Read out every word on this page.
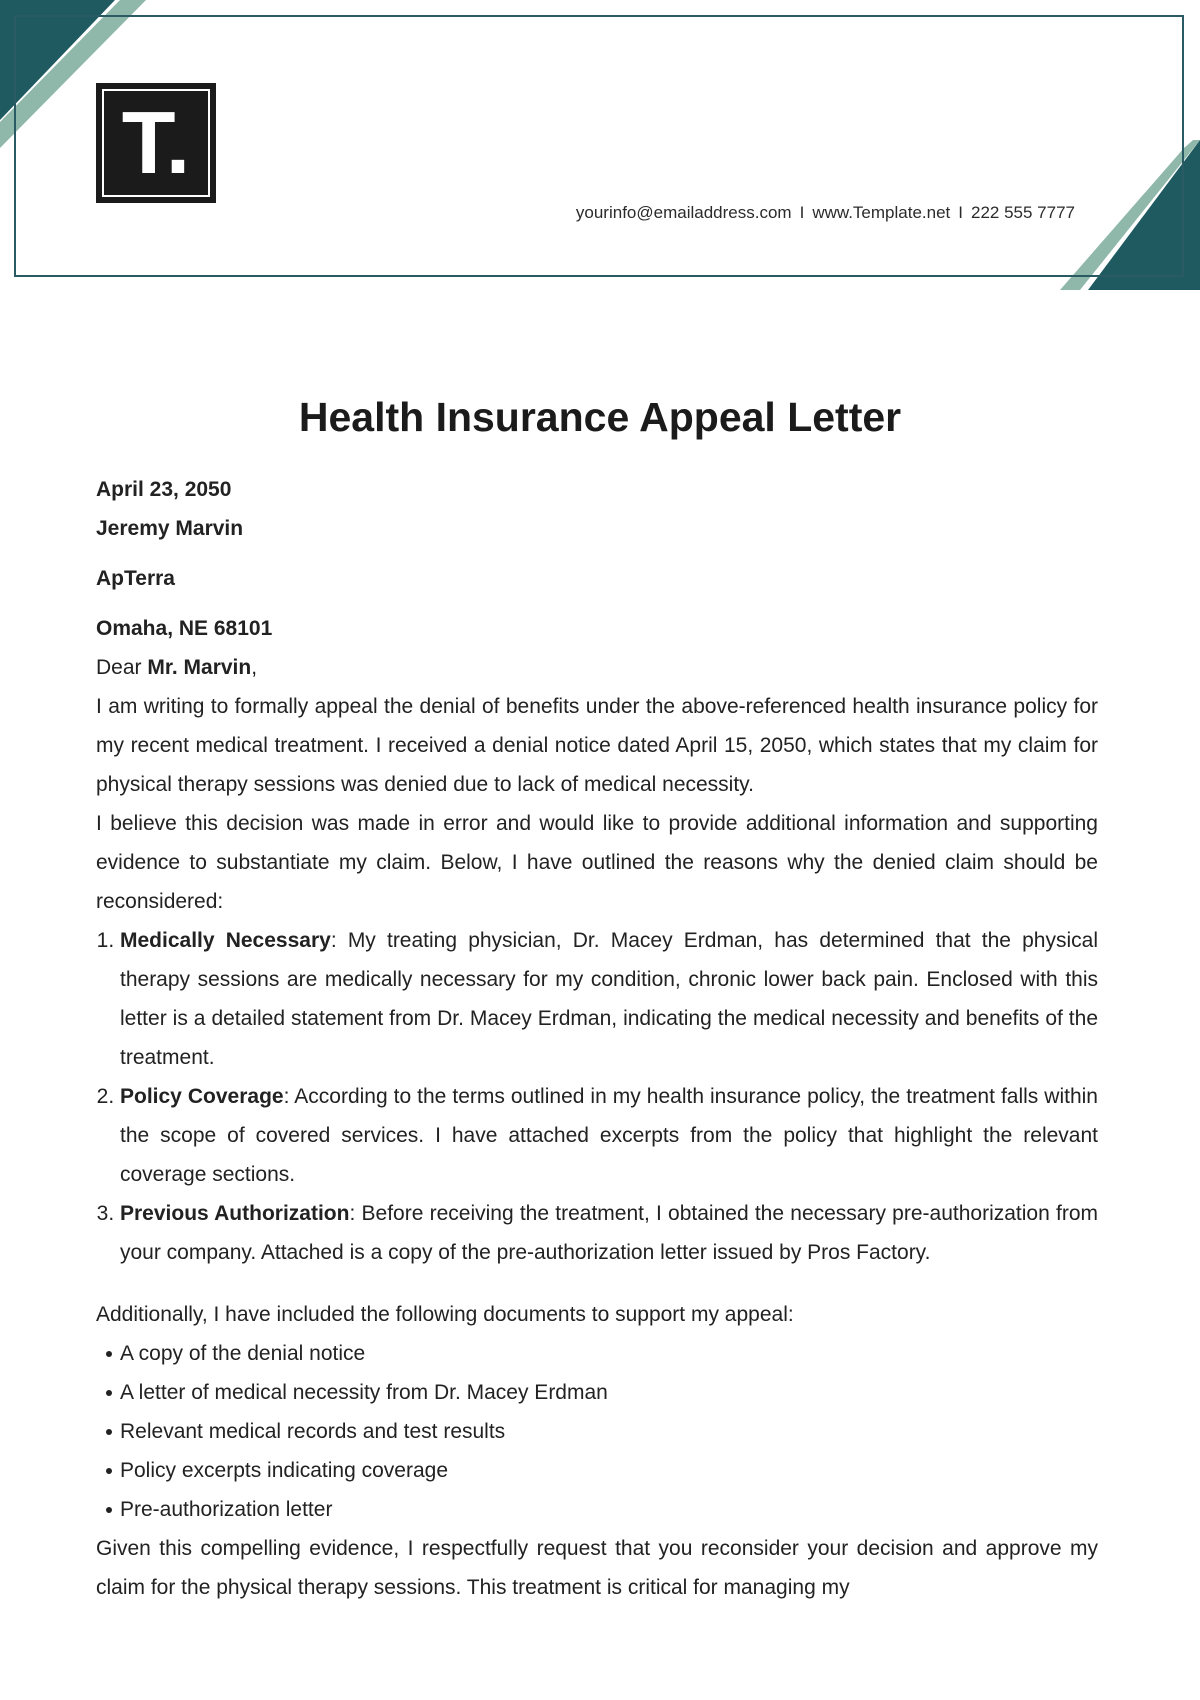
T.
yourinfo@emailaddress.com I www.Template.net I 222 555 7777
Health Insurance Appeal Letter

April 23, 2050

Jeremy Marvin

ApTerra

Omaha, NE 68101

Dear Mr. Marvin,

I am writing to formally appeal the denial of benefits under the above-referenced health insurance policy for my recent medical treatment. I received a denial notice dated April 15, 2050, which states that my claim for physical therapy sessions was denied due to lack of medical necessity.

I believe this decision was made in error and would like to provide additional information and supporting evidence to substantiate my claim. Below, I have outlined the reasons why the denied claim should be reconsidered:

1. Medically Necessary: My treating physician, Dr. Macey Erdman, has determined that the physical therapy sessions are medically necessary for my condition, chronic lower back pain. Enclosed with this letter is a detailed statement from Dr. Macey Erdman, indicating the medical necessity and benefits of the treatment.
2. Policy Coverage: According to the terms outlined in my health insurance policy, the treatment falls within the scope of covered services. I have attached excerpts from the policy that highlight the relevant coverage sections.
3. Previous Authorization: Before receiving the treatment, I obtained the necessary pre-authorization from your company. Attached is a copy of the pre-authorization letter issued by Pros Factory.

Additionally, I have included the following documents to support my appeal:

A copy of the denial notice
A letter of medical necessity from Dr. Macey Erdman
Relevant medical records and test results
Policy excerpts indicating coverage
Pre-authorization letter

Given this compelling evidence, I respectfully request that you reconsider your decision and approve my claim for the physical therapy sessions. This treatment is critical for managing my
